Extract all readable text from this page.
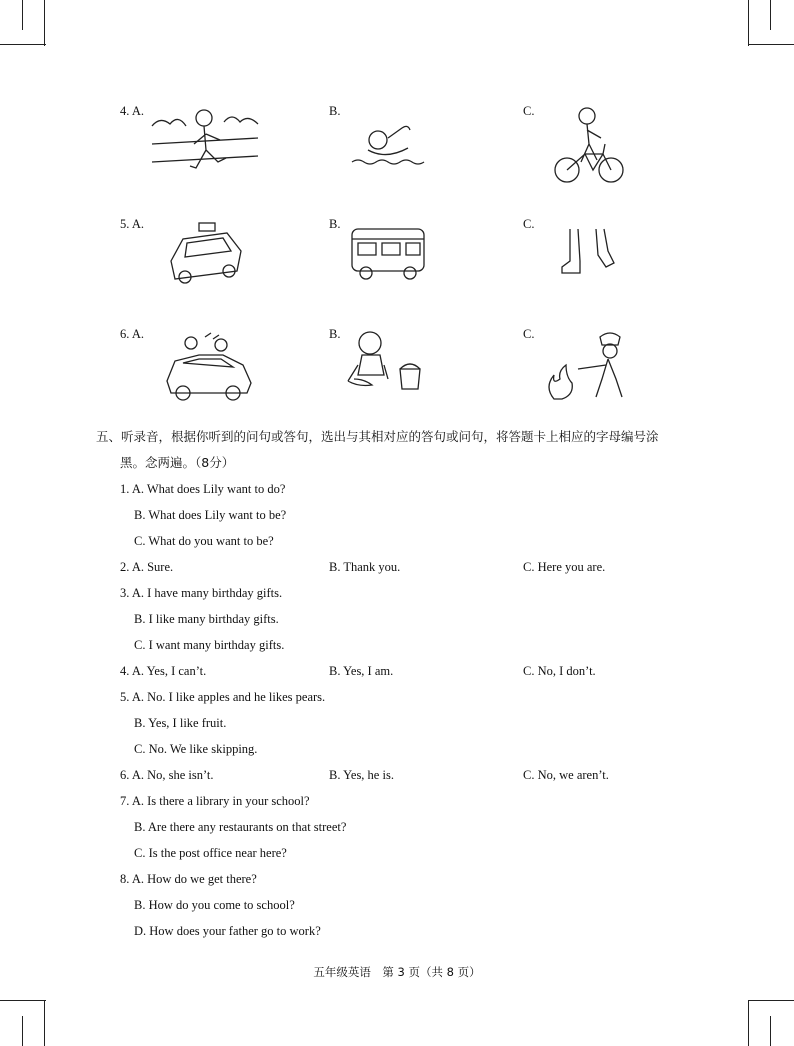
4. A.	B.	C.
5. A.	B.	C.
6. A.	B.	C.
五、听录音，根据你听到的问句或答句，选出与其相对应的答句或问句，将答题卡上相应的字母编号涂
黑。念两遍。（8分）
1. A. What does Lily want to do?
B. What does Lily want to be?
C. What do you want to be?
2. A. Sure.	B. Thank you.	C. Here you are.
3. A. I have many birthday gifts.
B. I like many birthday gifts.
C. I want many birthday gifts.
4. A. Yes, I can’t.	B. Yes, I am.	C. No, I don’t.
5. A. No. I like apples and he likes pears.
B. Yes, I like fruit.
C. No. We like skipping.
6. A. No, she isn’t.	B. Yes, he is.	C. No, we aren’t.
7. A. Is there a library in your school?
B. Are there any restaurants on that street?
C. Is the post office near here?
8. A. How do we get there?
B. How do you come to school?
D. How does your father go to work?
五年级英语　第 3 页（共 8 页）
